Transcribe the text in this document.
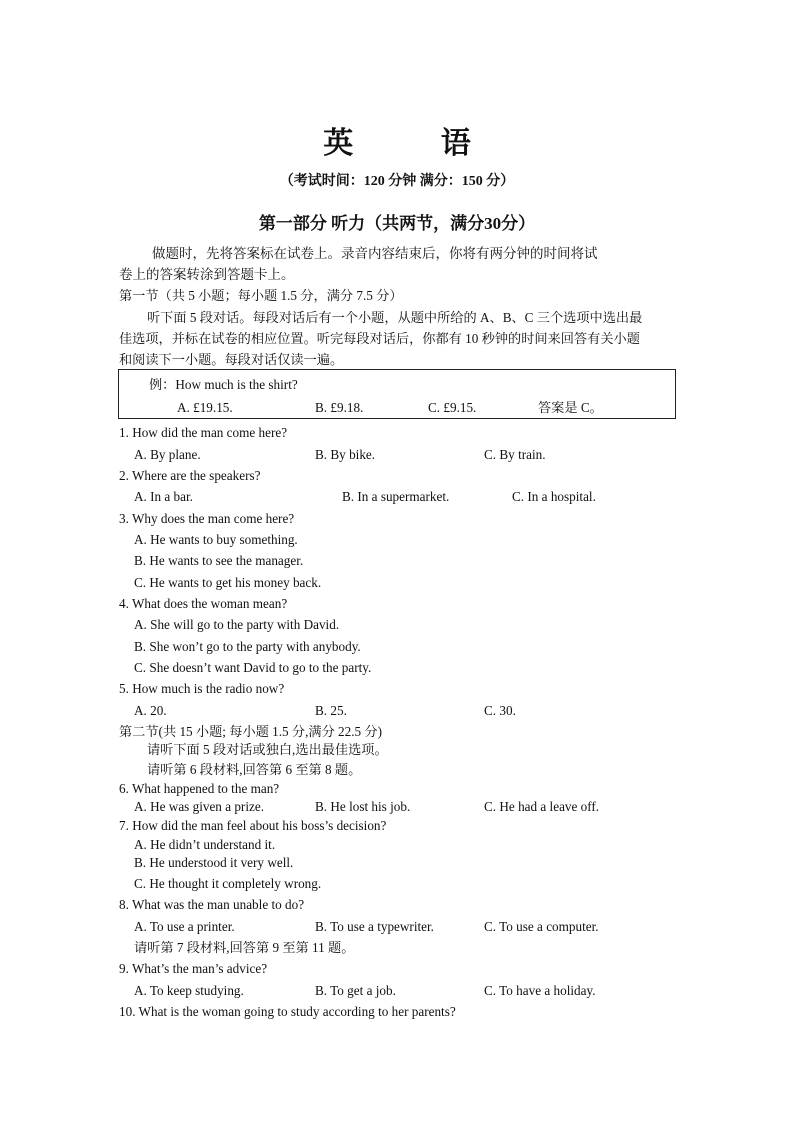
英 语
（考试时间：120 分钟 满分：150 分）
第一部分 听力（共两节，满分30分）
做题时，先将答案标在试卷上。录音内容结束后，你将有两分钟的时间将试
卷上的答案转涂到答题卡上。
第一节（共 5 小题；每小题 1.5 分，满分 7.5 分）
听下面 5 段对话。每段对话后有一个小题，从题中所给的 A、B、C 三个选项中选出最
佳选项，并标在试卷的相应位置。听完每段对话后，你都有 10 秒钟的时间来回答有关小题
和阅读下一小题。每段对话仅读一遍。
例：How much is the shirt?
A. £19.15.	B. £9.18.	C. £9.15.	答案是 C。
1. How did the man come here?
A. By plane.	B. By bike.	C. By train.
2. Where are the speakers?
A. In a bar.	B. In a supermarket.	C. In a hospital.
3. Why does the man come here?
A. He wants to buy something.
B. He wants to see the manager.
C. He wants to get his money back.
4. What does the woman mean?
A. She will go to the party with David.
B. She won’t go to the party with anybody.
C. She doesn’t want David to go to the party.
5. How much is the radio now?
A. 20.	B. 25.	C. 30.
第二节(共 15 小题; 每小题 1.5 分,满分 22.5 分)
请听下面 5 段对话或独白,选出最佳选项。
请听第 6 段材料,回答第 6 至第 8 题。
6. What happened to the man?
A. He was given a prize.	B. He lost his job.	C. He had a leave off.
7. How did the man feel about his boss’s decision?
A. He didn’t understand it.
B. He understood it very well.
C. He thought it completely wrong.
8. What was the man unable to do?
A. To use a printer.	B. To use a typewriter.	C. To use a computer.
请听第 7 段材料,回答第 9 至第 11 题。
9. What’s the man’s advice?
A. To keep studying.	B. To get a job.	C. To have a holiday.
10. What is the woman going to study according to her parents?
